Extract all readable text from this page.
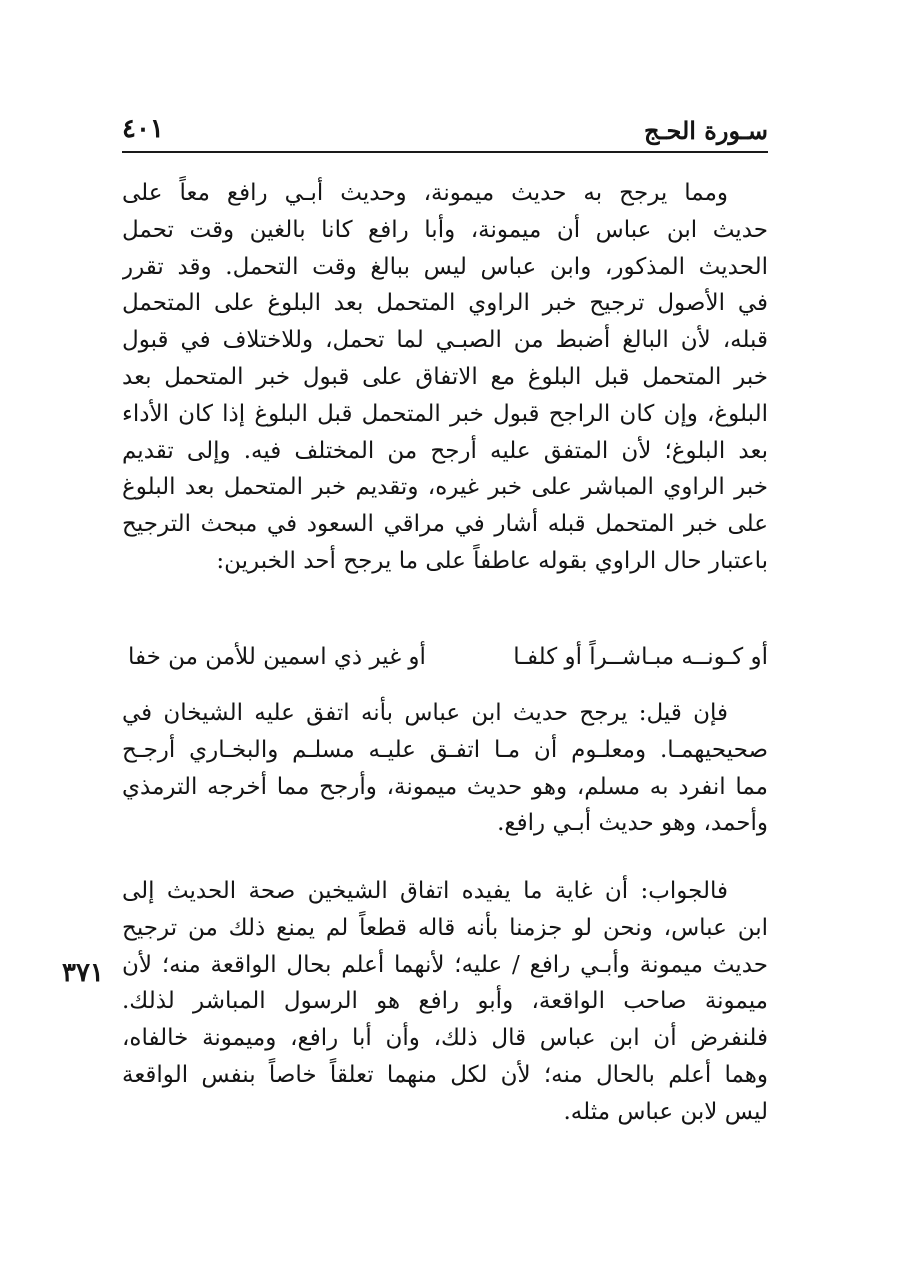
سـورة الحـج
٤٠١
ومما يرجح به حديث ميمونة، وحديث أبـي رافع معاً على
حديث ابن عباس أن ميمونة، وأبا رافع كانا بالغين وقت تحمل
الحديث المذكور، وابن عباس ليس ببالغ وقت التحمل. وقد تقرر
في الأصول ترجيح خبر الراوي المتحمل بعد البلوغ على المتحمل
قبله، لأن البالغ أضبط من الصبـي لما تحمل، وللاختلاف في قبول
خبر المتحمل قبل البلوغ مع الاتفاق على قبول خبر المتحمل بعد
البلوغ، وإن كان الراجح قبول خبر المتحمل قبل البلوغ إذا كان الأداء
بعد البلوغ؛ لأن المتفق عليه أرجح من المختلف فيه. وإلى تقديم
خبر الراوي المباشر على خبر غيره، وتقديم خبر المتحمل بعد البلوغ
على خبر المتحمل قبله أشار في مراقي السعود في مبحث الترجيح
باعتبار حال الراوي بقوله عاطفاً على ما يرجح أحد الخبرين:
أو كـونــه مبـاشــراً أو كلفـا
أو غير ذي اسمين للأمن من خفا
فإن قيل: يرجح حديث ابن عباس بأنه اتفق عليه الشيخان في
صحيحيهمـا. ومعلـوم أن مـا اتفـق عليـه مسلـم والبخـاري أرجـح
مما انفرد به مسلم، وهو حديث ميمونة، وأرجح مما أخرجه الترمذي
وأحمد، وهو حديث أبـي رافع.
فالجواب: أن غاية ما يفيده اتفاق الشيخين صحة الحديث إلى
ابن عباس، ونحن لو جزمنا بأنه قاله قطعاً لم يمنع ذلك من ترجيح
حديث ميمونة وأبـي رافع / عليه؛ لأنهما أعلم بحال الواقعة منه؛ لأن
ميمونة صاحب الواقعة، وأبو رافع هو الرسول المباشر لذلك.
فلنفرض أن ابن عباس قال ذلك، وأن أبا رافع، وميمونة خالفاه،
وهما أعلم بالحال منه؛ لأن لكل منهما تعلقاً خاصاً بنفس الواقعة
ليس لابن عباس مثله.
٣٧١
